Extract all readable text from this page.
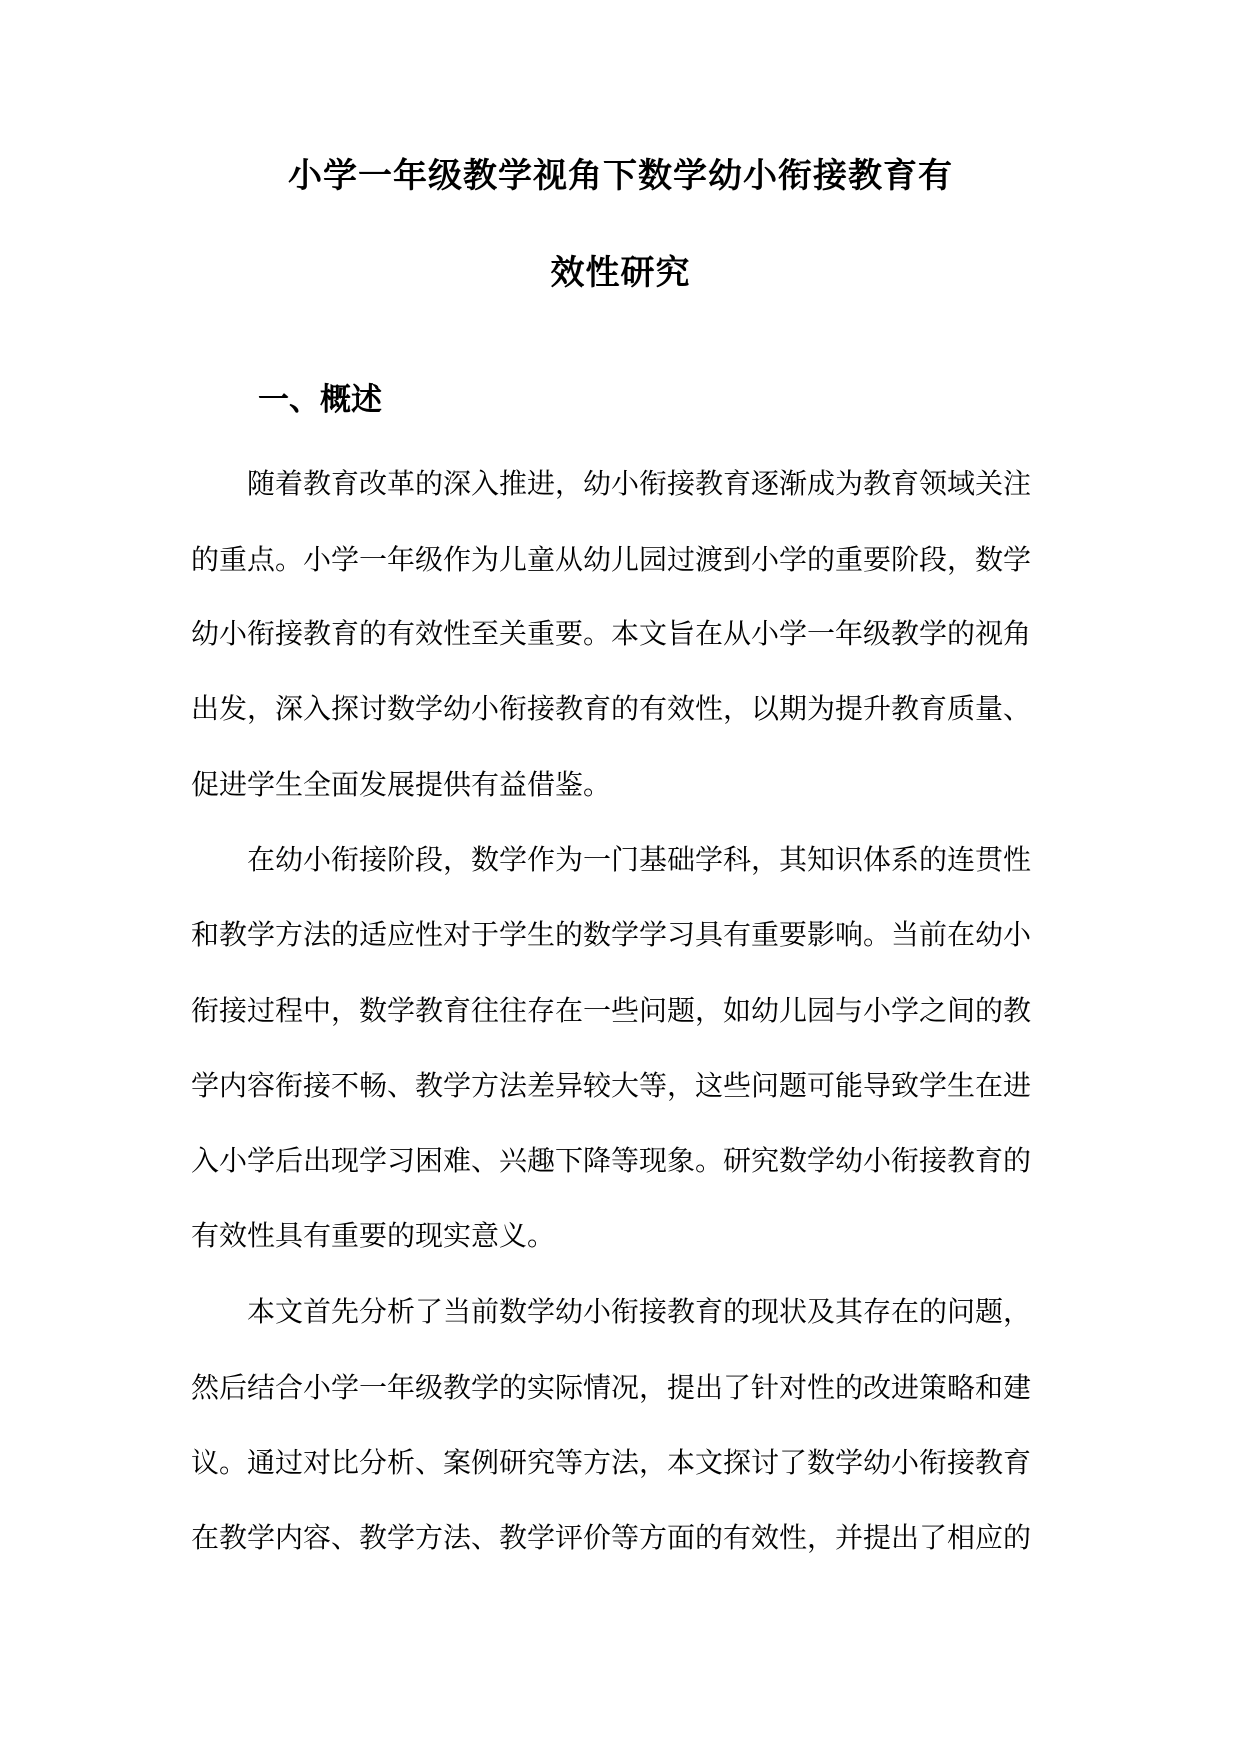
小学一年级教学视角下数学幼小衔接教育有
效性研究
一、概述
随着教育改革的深入推进，幼小衔接教育逐渐成为教育领域关注
的重点。小学一年级作为儿童从幼儿园过渡到小学的重要阶段，数学
幼小衔接教育的有效性至关重要。本文旨在从小学一年级教学的视角
出发，深入探讨数学幼小衔接教育的有效性，以期为提升教育质量、
促进学生全面发展提供有益借鉴。
在幼小衔接阶段，数学作为一门基础学科，其知识体系的连贯性
和教学方法的适应性对于学生的数学学习具有重要影响。当前在幼小
衔接过程中，数学教育往往存在一些问题，如幼儿园与小学之间的教
学内容衔接不畅、教学方法差异较大等，这些问题可能导致学生在进
入小学后出现学习困难、兴趣下降等现象。研究数学幼小衔接教育的
有效性具有重要的现实意义。
本文首先分析了当前数学幼小衔接教育的现状及其存在的问题，
然后结合小学一年级教学的实际情况，提出了针对性的改进策略和建
议。通过对比分析、案例研究等方法，本文探讨了数学幼小衔接教育
在教学内容、教学方法、教学评价等方面的有效性，并提出了相应的
